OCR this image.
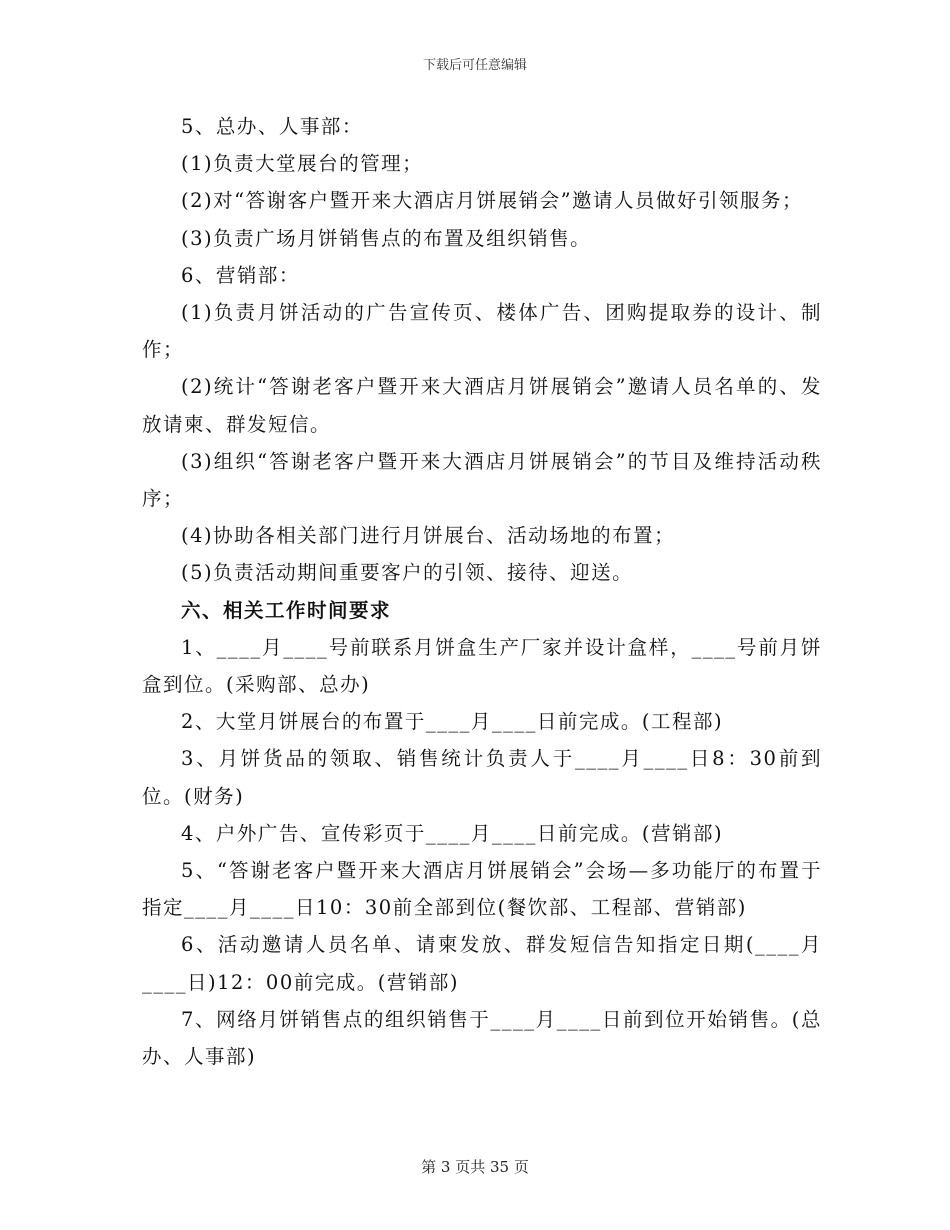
下载后可任意编辑

5、总办、人事部：

(1)负责大堂展台的管理；

(2)对“答谢客户暨开来大酒店月饼展销会”邀请人员做好引领服务；

(3)负责广场月饼销售点的布置及组织销售。

6、营销部：

(1)负责月饼活动的广告宣传页、楼体广告、团购提取券的设计、制作；

(2)统计“答谢老客户暨开来大酒店月饼展销会”邀请人员名单的、发放请柬、群发短信。

(3)组织“答谢老客户暨开来大酒店月饼展销会”的节目及维持活动秩序；

(4)协助各相关部门进行月饼展台、活动场地的布置；

(5)负责活动期间重要客户的引领、接待、迎送。

六、相关工作时间要求

1、____月____号前联系月饼盒生产厂家并设计盒样，____号前月饼盒到位。(采购部、总办)

2、大堂月饼展台的布置于____月____日前完成。(工程部)

3、月饼货品的领取、销售统计负责人于____月____日8：30前到位。(财务)

4、户外广告、宣传彩页于____月____日前完成。(营销部)

5、“答谢老客户暨开来大酒店月饼展销会”会场—多功能厅的布置于指定____月____日10：30前全部到位(餐饮部、工程部、营销部)

6、活动邀请人员名单、请柬发放、群发短信告知指定日期(____月____日)12：00前完成。(营销部)

7、网络月饼销售点的组织销售于____月____日前到位开始销售。(总办、人事部)

第 3 页共 35 页
